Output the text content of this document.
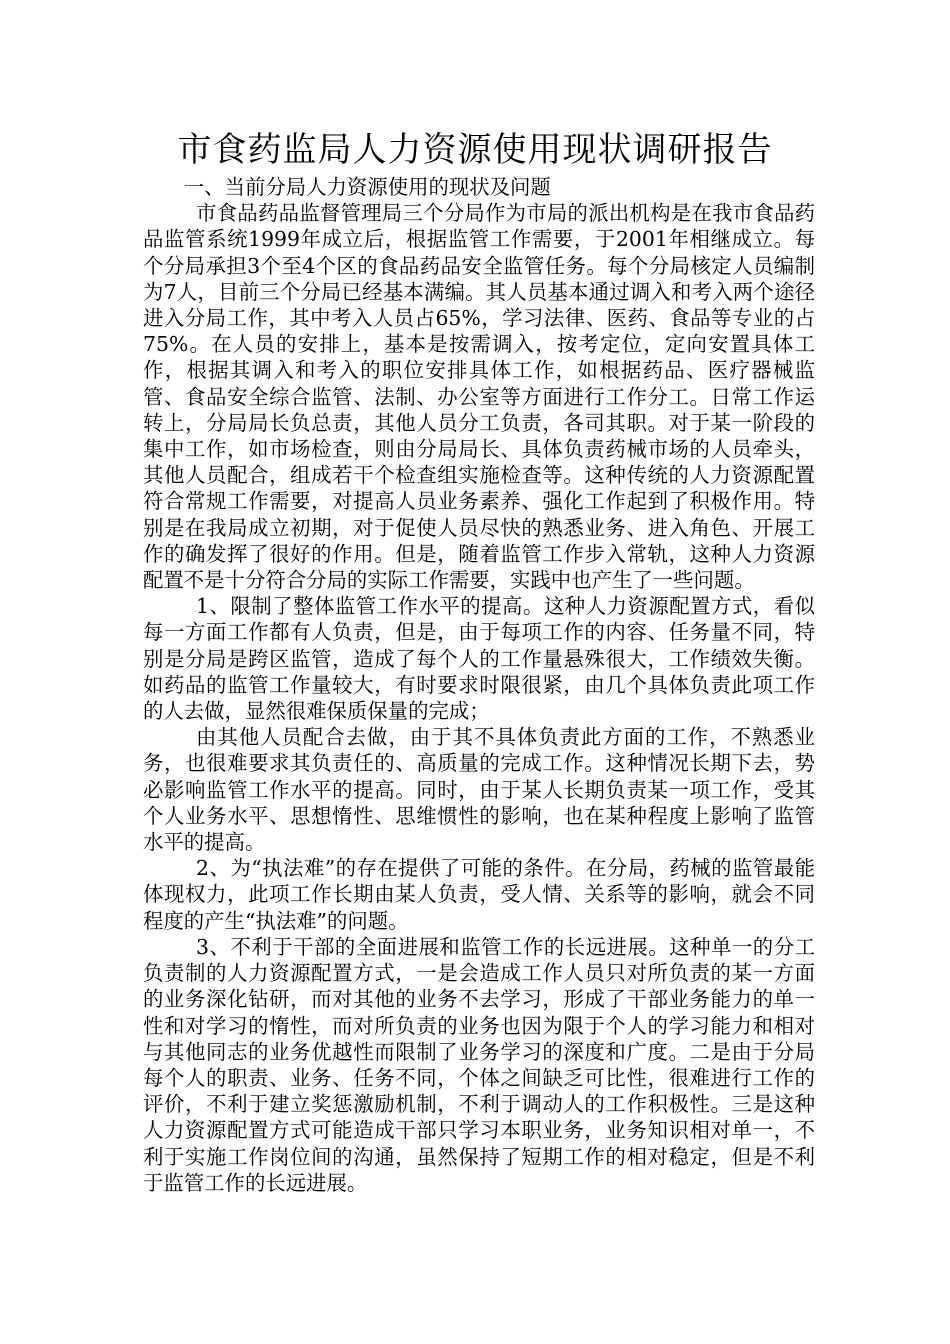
市食药监局人力资源使用现状调研报告

一、当前分局人力资源使用的现状及问题

市食品药品监督管理局三个分局作为市局的派出机构是在我市食品药品监管系统1999年成立后，根据监管工作需要，于2001年相继成立。每个分局承担3个至4个区的食品药品安全监管任务。每个分局核定人员编制为7人，目前三个分局已经基本满编。其人员基本通过调入和考入两个途径进入分局工作，其中考入人员占65%，学习法律、医药、食品等专业的占75%。在人员的安排上，基本是按需调入，按考定位，定向安置具体工作，根据其调入和考入的职位安排具体工作，如根据药品、医疗器械监管、食品安全综合监管、法制、办公室等方面进行工作分工。日常工作运转上，分局局长负总责，其他人员分工负责，各司其职。对于某一阶段的集中工作，如市场检查，则由分局局长、具体负责药械市场的人员牵头，其他人员配合，组成若干个检查组实施检查等。这种传统的人力资源配置符合常规工作需要，对提高人员业务素养、强化工作起到了积极作用。特别是在我局成立初期，对于促使人员尽快的熟悉业务、进入角色、开展工作的确发挥了很好的作用。但是，随着监管工作步入常轨，这种人力资源配置不是十分符合分局的实际工作需要，实践中也产生了一些问题。

1、限制了整体监管工作水平的提高。这种人力资源配置方式，看似每一方面工作都有人负责，但是，由于每项工作的内容、任务量不同，特别是分局是跨区监管，造成了每个人的工作量悬殊很大，工作绩效失衡。如药品的监管工作量较大，有时要求时限很紧，由几个具体负责此项工作的人去做，显然很难保质保量的完成；

由其他人员配合去做，由于其不具体负责此方面的工作，不熟悉业务，也很难要求其负责任的、高质量的完成工作。这种情况长期下去，势必影响监管工作水平的提高。同时，由于某人长期负责某一项工作，受其个人业务水平、思想惰性、思维惯性的影响，也在某种程度上影响了监管水平的提高。

2、为“执法难”的存在提供了可能的条件。在分局，药械的监管最能体现权力，此项工作长期由某人负责，受人情、关系等的影响，就会不同程度的产生“执法难”的问题。

3、不利于干部的全面进展和监管工作的长远进展。这种单一的分工负责制的人力资源配置方式，一是会造成工作人员只对所负责的某一方面的业务深化钻研，而对其他的业务不去学习，形成了干部业务能力的单一性和对学习的惰性，而对所负责的业务也因为限于个人的学习能力和相对与其他同志的业务优越性而限制了业务学习的深度和广度。二是由于分局每个人的职责、业务、任务不同，个体之间缺乏可比性，很难进行工作的评价，不利于建立奖惩激励机制，不利于调动人的工作积极性。三是这种人力资源配置方式可能造成干部只学习本职业务，业务知识相对单一，不利于实施工作岗位间的沟通，虽然保持了短期工作的相对稳定，但是不利于监管工作的长远进展。
